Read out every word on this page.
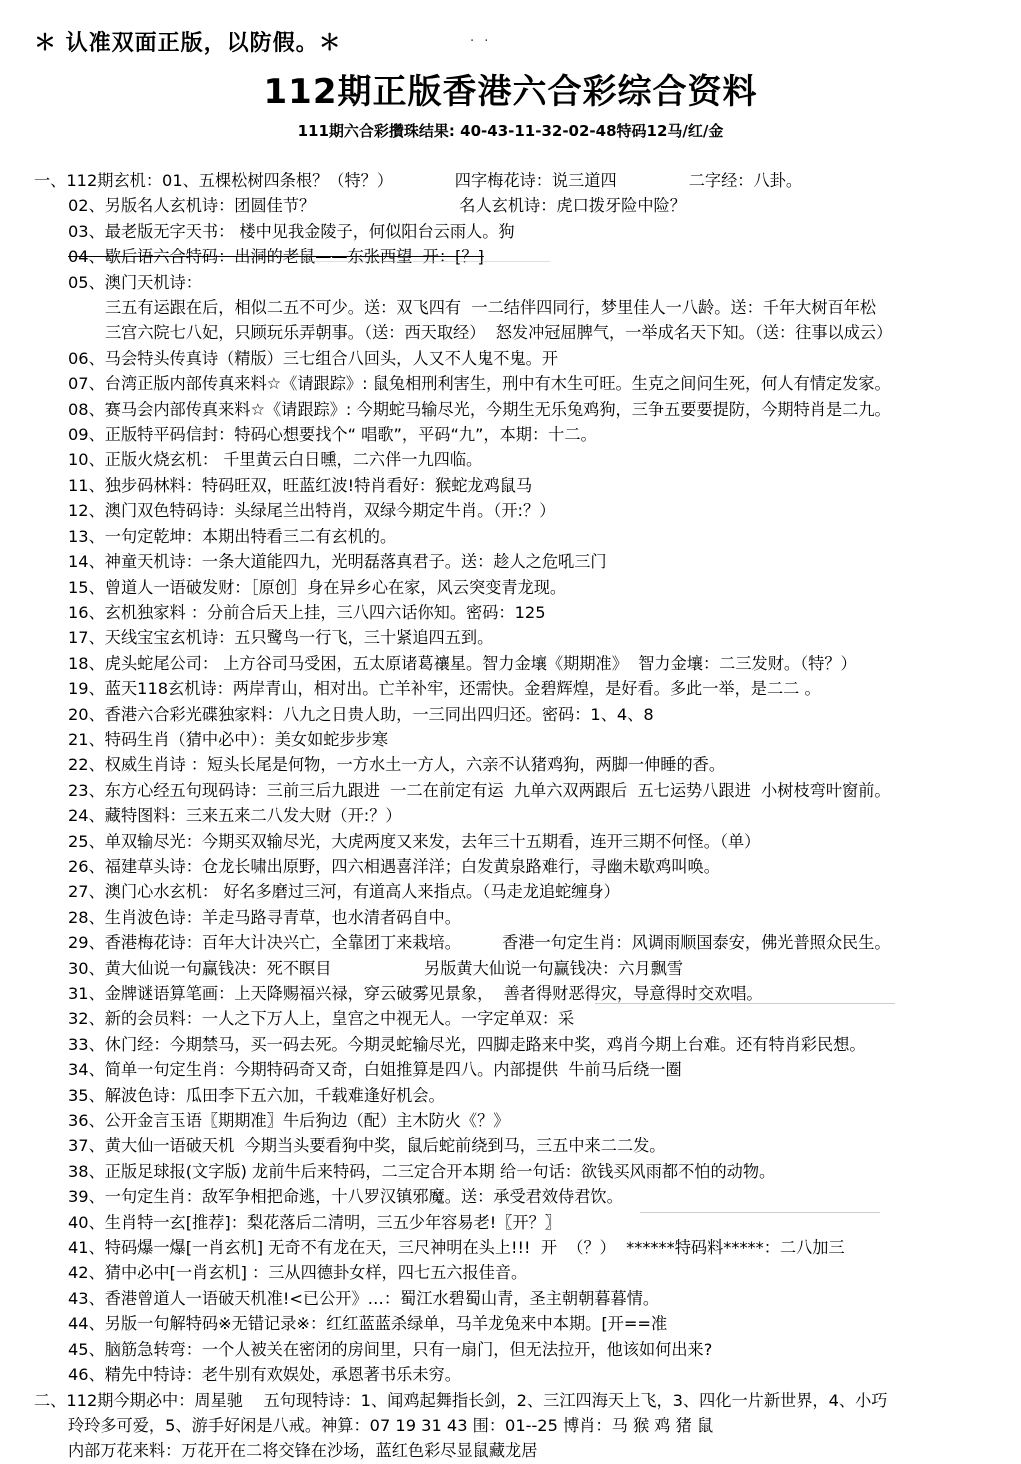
＊ 认准双面正版，以防假。＊	· ·
112期正版香港六合彩综合资料
111期六合彩攢珠结果: 40-43-11-32-02-48特码12马/红/金
一、112期玄机：01、五棵松树四条根？（特？）            四字梅花诗：说三道四              二字经：八卦。
02、另版名人玄机诗：团圆佳节？                            名人玄机诗：虎口拨牙险中险？
03、最老版无字天书： 楼中见我金陵子，何似阳台云雨人。狗
04、歇后语六合特码：出洞的老鼠——东张西望  开：[？]
05、澳门天机诗：
三五有运跟在后，相似二五不可少。送：双飞四有  一二结伴四同行，梦里佳人一八龄。送：千年大树百年松
三宫六院七八妃，只顾玩乐弄朝事。（送：西天取经）  怒发冲冠屈脾气，一举成名天下知。（送：往事以成云）
06、马会特头传真诗（精版）三七组合八回头，人又不人鬼不鬼。开
07、台湾正版内部传真来料☆《请跟踪》: 鼠兔相刑利害生，刑中有木生可旺。生克之间问生死，何人有情定发家。
08、赛马会内部传真来料☆《请跟踪》: 今期蛇马输尽光，今期生无乐兔鸡狗，三争五要要提防，今期特肖是二九。
09、正版特平码信封：特码心想要找个“ 唱歌”，平码“九”，本期：十二。
10、正版火烧玄机： 千里黄云白日曛，二六伴一九四临。
11、独步码林料：特码旺双，旺蓝红波!特肖看好：猴蛇龙鸡鼠马
12、澳门双色特码诗：头绿尾兰出特肖，双绿今期定牛肖。（开:？）
13、一句定乾坤：本期出特看三二有玄机的。
14、神童天机诗：一条大道能四九，光明磊落真君子。送：趁人之危吼三门
15、曾道人一语破发财：［原创］身在异乡心在家，风云突变青龙现。
16、玄机独家料 ：分前合后天上挂，三八四六话你知。密码：125
17、天线宝宝玄机诗：五只鹭鸟一行飞，三十紧追四五到。
18、虎头蛇尾公司： 上方谷司马受困，五太原诸葛禳星。智力金壤《期期准》  智力金壤：二三发财。（特？）
19、蓝天118玄机诗：两岸青山，相对出。亡羊补牢，还需快。金碧辉煌，是好看。多此一举，是二二 。
20、香港六合彩光碟独家料：八九之日贵人助，一三同出四归还。密码：1、4、8
21、特码生肖（猜中必中）：美女如蛇步步寒
22、权威生肖诗 ：短头长尾是何物，一方水土一方人，六亲不认猪鸡狗，两脚一伸睡的香。
23、东方心经五句现码诗：三前三后九跟进  一二在前定有运  九单六双两跟后  五七运势八跟进  小树枝弯叶窗前。
24、藏特图料：三来五来二八发大财（开:？）
25、单双输尽光：今期买双输尽光，大虎两度又来发，去年三十五期看，连开三期不何怪。（单）
26、福建草头诗：仓龙长啸出原野，四六相遇喜洋洋；白发黄泉路难行，寻幽未歇鸡叫唤。
27、澳门心水玄机： 好名多磨过三河，有道高人来指点。（马走龙追蛇缠身）
28、生肖波色诗：羊走马路寻青草，也水清者码自中。
29、香港梅花诗：百年大计决兴亡，全靠团丁来栽培。        香港一句定生肖：风调雨顺国泰安，佛光普照众民生。
30、黄大仙说一句赢钱决：死不瞑目                  另版黄大仙说一句赢钱决：六月飘雪
31、金牌谜语算笔画：上天降赐福兴禄，穿云破雾见景象，  善者得财恶得灾，导意得时交欢唱。
32、新的会员料：一人之下万人上，皇宫之中视无人。一字定单双：采
33、休门经：今期禁马，买一码去死。今期灵蛇输尽光，四脚走路来中奖，鸡肖今期上台难。还有特肖彩民想。
34、简单一句定生肖：今期特码奇又奇，白姐推算是四八。内部提供  牛前马后绕一圈
35、解波色诗：瓜田李下五六加，千载难逢好机会。
36、公开金言玉语〖期期准〗牛后狗边（配）主木防火《？》
37、黄大仙一语破天机  今期当头要看狗中奖，鼠后蛇前绕到马，三五中来二二发。
38、正版足球报(文字版) 龙前牛后来特码，二三定合开本期 给一句话：欲钱买风雨都不怕的动物。
39、一句定生肖：敌军争相把命逃，十八罗汉镇邪魔。送：承受君效侍君饮。
40、生肖特一玄[推荐]：梨花落后二清明，三五少年容易老!〖开？〗
41、特码爆一爆[一肖玄机] 无奇不有龙在天，三尺神明在头上!!!  开  （？）  ******特码料*****：二八加三
42、猜中必中[一肖玄机] ：三从四德卦女样，四七五六报佳音。
43、香港曾道人一语破天机准!<已公开》…：蜀江水碧蜀山青，圣主朝朝暮暮情。
44、另版一句解特码※无错记录※：红红蓝蓝杀绿单，马羊龙兔来中本期。[开==准
45、脑筋急转弯：一个人被关在密闭的房间里，只有一扇门，但无法拉开，他该如何出来?
46、精先中特诗：老牛别有欢娱处，承恩著书乐未穷。
二、112期今期必中：周星驰    五句现特诗：1、闻鸡起舞指长剑，2、三江四海天上飞，3、四化一片新世界，4、小巧
玲玲多可爱，5、游手好闲是八戒。神算：07 19 31 43 围：01--25 博肖：马 猴 鸡 猪 鼠
内部万花来料：万花开在二将交锋在沙场，蓝红色彩尽显鼠藏龙居
